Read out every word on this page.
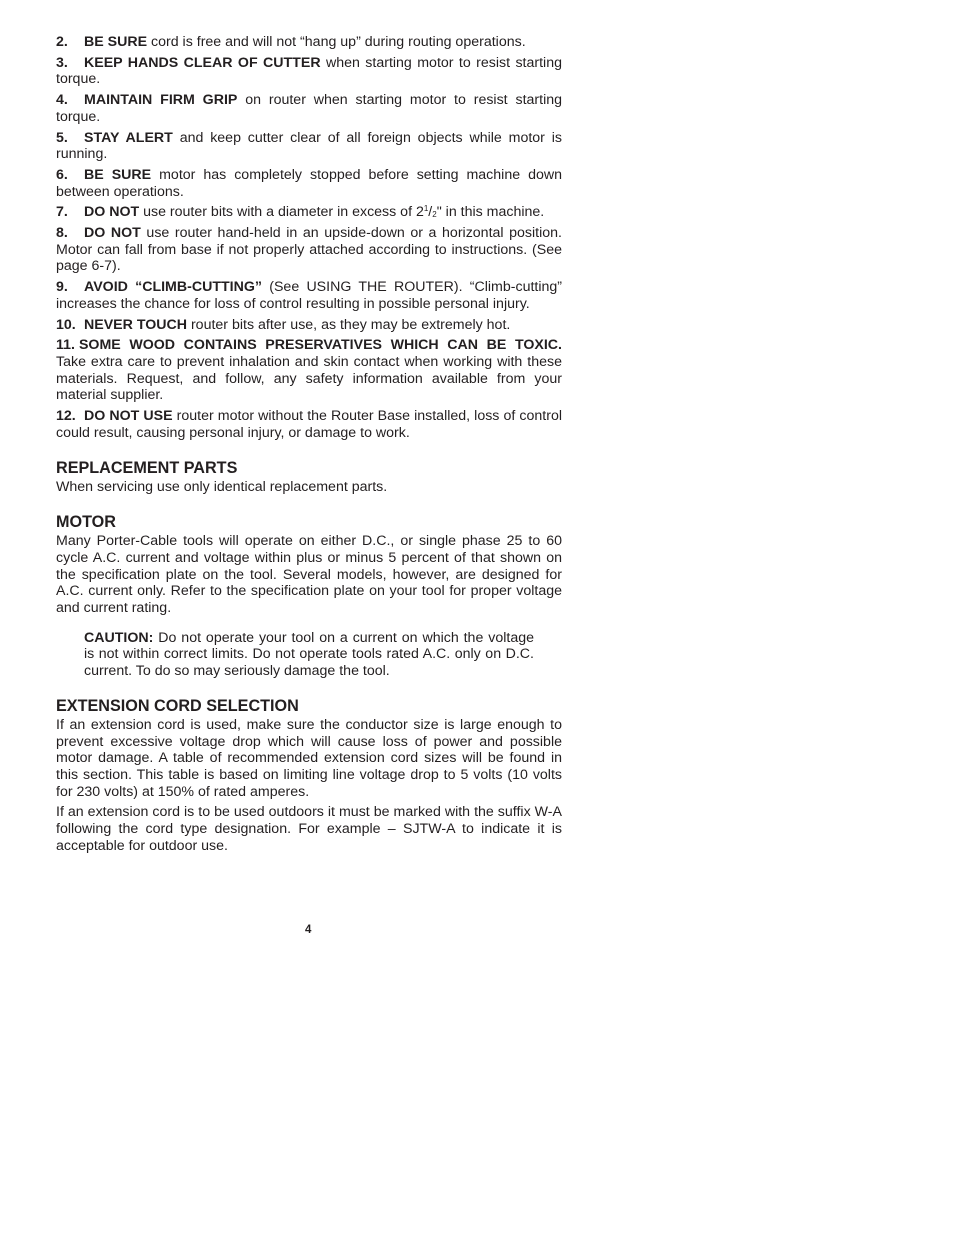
2. BE SURE cord is free and will not “hang up” during routing operations.

3. KEEP HANDS CLEAR OF CUTTER when starting motor to resist starting torque.

4. MAINTAIN FIRM GRIP on router when starting motor to resist starting torque.

5. STAY ALERT and keep cutter clear of all foreign objects while motor is running.

6. BE SURE motor has completely stopped before setting machine down between operations.

7. DO NOT use router bits with a diameter in excess of $2^1/_2$" in this machine.

8. DO NOT use router hand-held in an upside-down or a horizontal position. Motor can fall from base if not properly attached according to instructions. (See page 6-7).

9. AVOID “CLIMB-CUTTING” (See USING THE ROUTER). “Climb-cutting” increases the chance for loss of control resulting in possible personal injury.

10. NEVER TOUCH router bits after use, as they may be extremely hot.

11. SOME WOOD CONTAINS PRESERVATIVES WHICH CAN BE TOXIC. Take extra care to prevent inhalation and skin contact when working with these materials. Request, and follow, any safety information available from your material supplier.

12. DO NOT USE router motor without the Router Base installed, loss of control could result, causing personal injury, or damage to work.

REPLACEMENT PARTS

When servicing use only identical replacement parts.

MOTOR

Many Porter-Cable tools will operate on either D.C., or single phase 25 to 60 cycle A.C. current and voltage within plus or minus 5 percent of that shown on the specification plate on the tool. Several models, however, are designed for A.C. current only. Refer to the specification plate on your tool for proper voltage and current rating.

CAUTION: Do not operate your tool on a current on which the voltage is not within correct limits. Do not operate tools rated A.C. only on D.C. current. To do so may seriously damage the tool.

EXTENSION CORD SELECTION

If an extension cord is used, make sure the conductor size is large enough to prevent excessive voltage drop which will cause loss of power and possible motor damage. A table of recommended extension cord sizes will be found in this section. This table is based on limiting line voltage drop to 5 volts (10 volts for 230 volts) at 150% of rated amperes.

If an extension cord is to be used outdoors it must be marked with the suffix W-A following the cord type designation. For example – SJTW-A to indicate it is acceptable for outdoor use.

4
